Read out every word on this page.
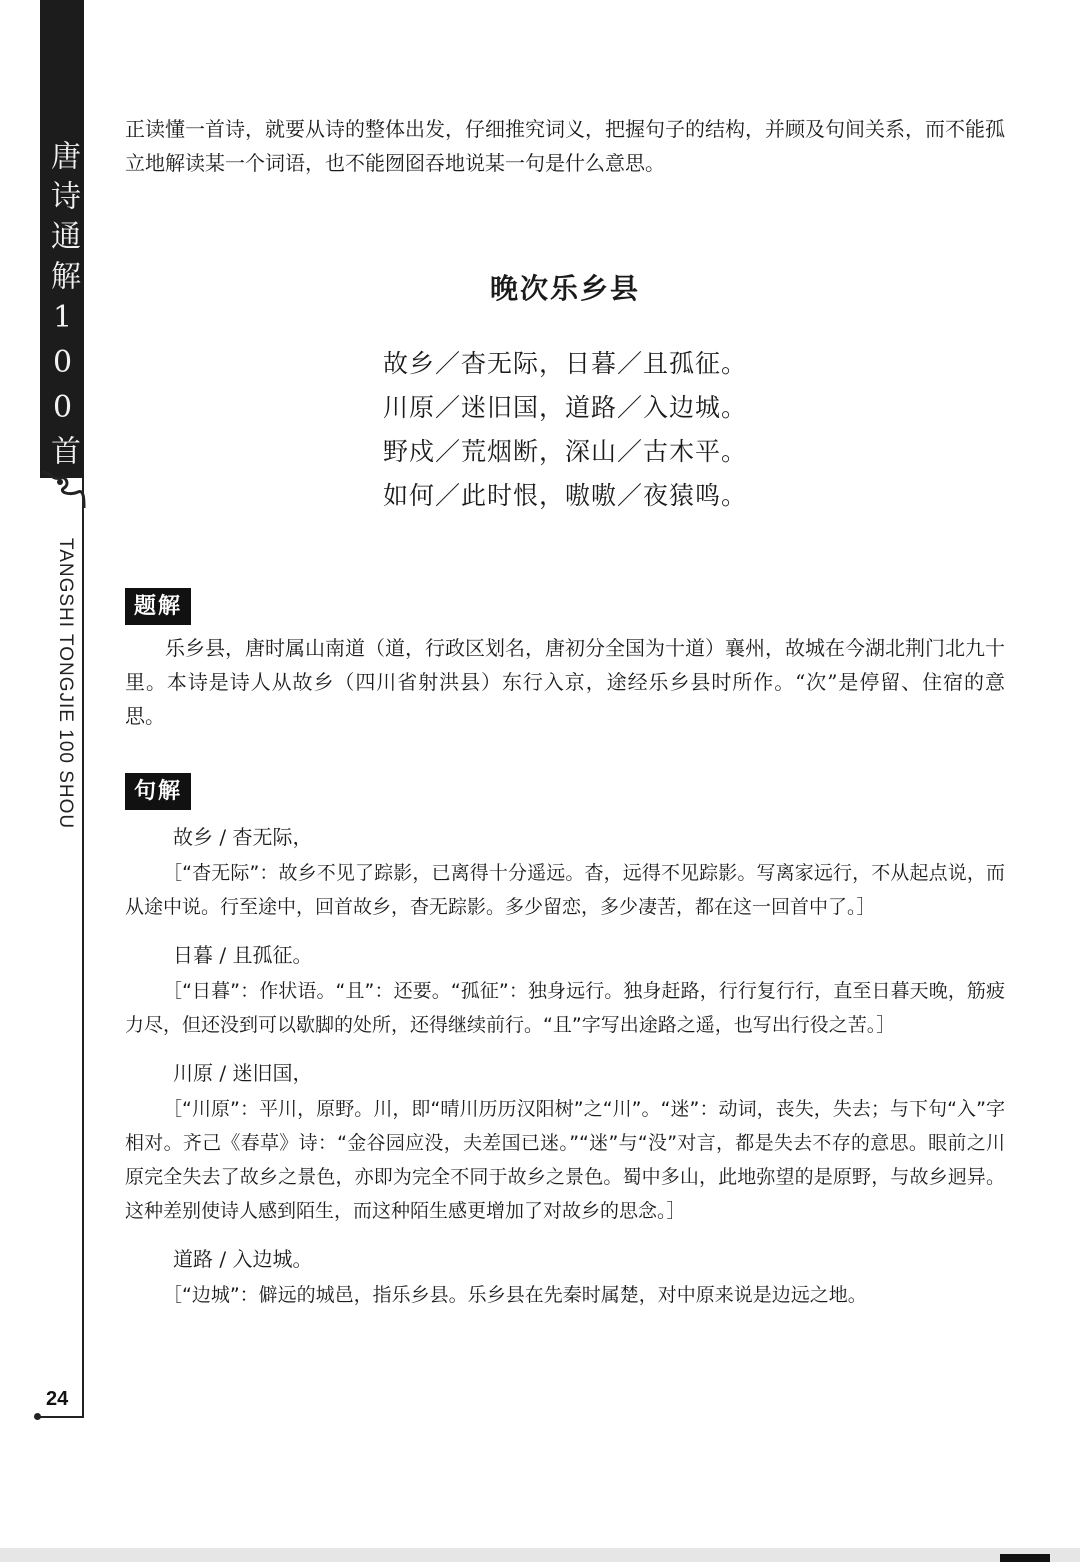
唐诗通解100首
TANGSHI TONGJIE 100 SHOU
24

正读懂一首诗，就要从诗的整体出发，仔细推究词义，把握句子的结构，并顾及句间关系，而不能孤立地解读某一个词语，也不能囫囵吞地说某一句是什么意思。

晚次乐乡县
故乡／杳无际，日暮／且孤征。
川原／迷旧国，道路／入边城。
野戍／荒烟断，深山／古木平。
如何／此时恨，嗷嗷／夜猿鸣。
题解

乐乡县，唐时属山南道（道，行政区划名，唐初分全国为十道）襄州，故城在今湖北荆门北九十里。本诗是诗人从故乡（四川省射洪县）东行入京，途经乐乡县时所作。“次”是停留、住宿的意思。

句解
故乡 / 杳无际，

［“杳无际”：故乡不见了踪影，已离得十分遥远。杳，远得不见踪影。写离家远行，不从起点说，而从途中说。行至途中，回首故乡，杳无踪影。多少留恋，多少凄苦，都在这一回首中了。］

日暮 / 且孤征。

［“日暮”：作状语。“且”：还要。“孤征”：独身远行。独身赶路，行行复行行，直至日暮天晚，筋疲力尽，但还没到可以歇脚的处所，还得继续前行。“且”字写出途路之遥，也写出行役之苦。］

川原 / 迷旧国，

［“川原”：平川，原野。川，即“晴川历历汉阳树”之“川”。“迷”：动词，丧失，失去；与下句“入”字相对。齐己《春草》诗：“金谷园应没，夫差国已迷。”“迷”与“没”对言，都是失去不存的意思。眼前之川原完全失去了故乡之景色，亦即为完全不同于故乡之景色。蜀中多山，此地弥望的是原野，与故乡迥异。这种差别使诗人感到陌生，而这种陌生感更增加了对故乡的思念。］

道路 / 入边城。

［“边城”：僻远的城邑，指乐乡县。乐乡县在先秦时属楚，对中原来说是边远之地。
